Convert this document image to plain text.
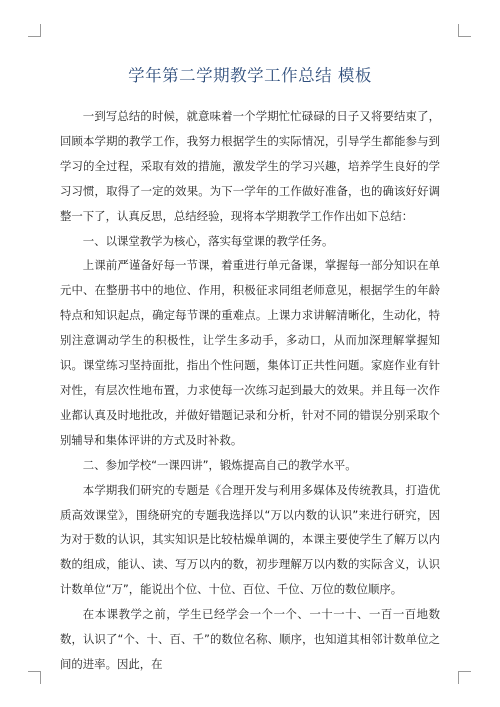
学年第二学期教学工作总结 模板

一到写总结的时候，就意味着一个学期忙忙碌碌的日子又将要结束了，回顾本学期的教学工作，我努力根据学生的实际情况，引导学生都能参与到学习的全过程，采取有效的措施，激发学生的学习兴趣，培养学生良好的学习习惯，取得了一定的效果。为下一学年的工作做好准备，也的确该好好调整一下了，认真反思，总结经验，现将本学期教学工作作出如下总结：

一、以课堂教学为核心，落实每堂课的教学任务。

上课前严谨备好每一节课，着重进行单元备课，掌握每一部分知识在单元中、在整册书中的地位、作用，积极征求同组老师意见，根据学生的年龄特点和知识起点，确定每节课的重难点。上课力求讲解清晰化，生动化，特别注意调动学生的积极性，让学生多动手，多动口，从而加深理解掌握知识。课堂练习坚持面批，指出个性问题，集体订正共性问题。家庭作业有针对性，有层次性地布置，力求使每一次练习起到最大的效果。并且每一次作业都认真及时地批改，并做好错题记录和分析，针对不同的错误分别采取个别辅导和集体评讲的方式及时补救。

二、参加学校“一课四讲”，锻炼提高自己的教学水平。

本学期我们研究的专题是《合理开发与利用多媒体及传统教具，打造优质高效课堂》，围绕研究的专题我选择以“万以内数的认识”来进行研究，因为对于数的认识，其实知识是比较枯燥单调的，本课主要使学生了解万以内数的组成，能认、读、写万以内的数，初步理解万以内数的实际含义，认识计数单位“万”，能说出个位、十位、百位、千位、万位的数位顺序。

在本课教学之前，学生已经学会一个一个、一十一十、一百一百地数数，认识了“个、十、百、千”的数位名称、顺序，也知道其相邻计数单位之间的进率。因此，在
